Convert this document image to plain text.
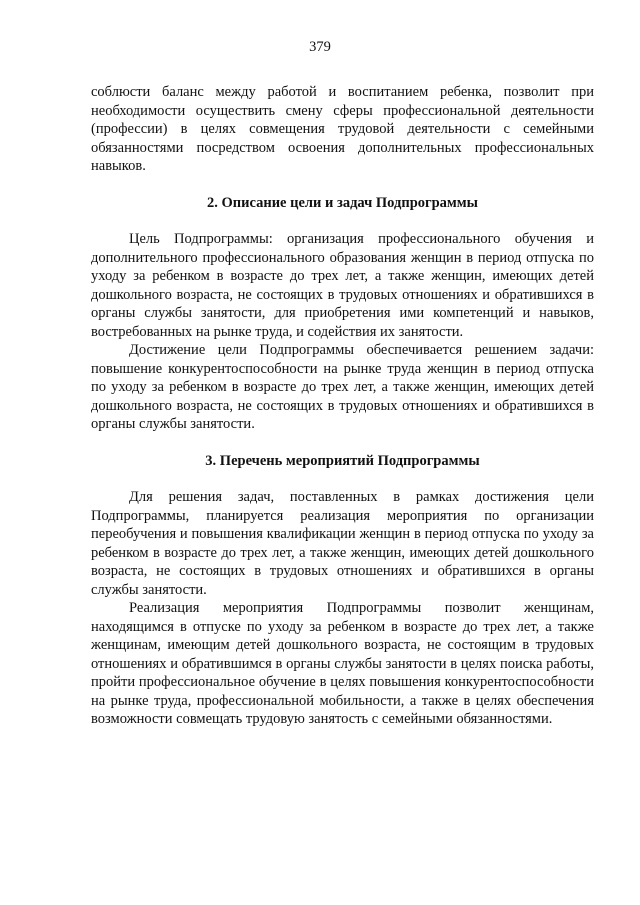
379

соблюсти баланс между работой и воспитанием ребенка, позволит при необходимости осуществить смену сферы профессиональной деятельности (профессии) в целях совмещения трудовой деятельности с семейными обязанностями посредством освоения дополнительных профессиональных навыков.

2. Описание цели и задач Подпрограммы

Цель Подпрограммы: организация профессионального обучения и дополнительного профессионального образования женщин в период отпуска по уходу за ребенком в возрасте до трех лет, а также женщин, имеющих детей дошкольного возраста, не состоящих в трудовых отношениях и обратившихся в органы службы занятости, для приобретения ими компетенций и навыков, востребованных на рынке труда, и содействия их занятости.

Достижение цели Подпрограммы обеспечивается решением задачи: повышение конкурентоспособности на рынке труда женщин в период отпуска по уходу за ребенком в возрасте до трех лет, а также женщин, имеющих детей дошкольного возраста, не состоящих в трудовых отношениях и обратившихся в органы службы занятости.

3. Перечень мероприятий Подпрограммы

Для решения задач, поставленных в рамках достижения цели Подпрограммы, планируется реализация мероприятия по организации переобучения и повышения квалификации женщин в период отпуска по уходу за ребенком в возрасте до трех лет, а также женщин, имеющих детей дошкольного возраста, не состоящих в трудовых отношениях и обратившихся в органы службы занятости.

Реализация мероприятия Подпрограммы позволит женщинам, находящимся в отпуске по уходу за ребенком в возрасте до трех лет, а также женщинам, имеющим детей дошкольного возраста, не состоящим в трудовых отношениях и обратившимся в органы службы занятости в целях поиска работы, пройти профессиональное обучение в целях повышения конкурентоспособности на рынке труда, профессиональной мобильности, а также в целях обеспечения возможности совмещать трудовую занятость с семейными обязанностями.
